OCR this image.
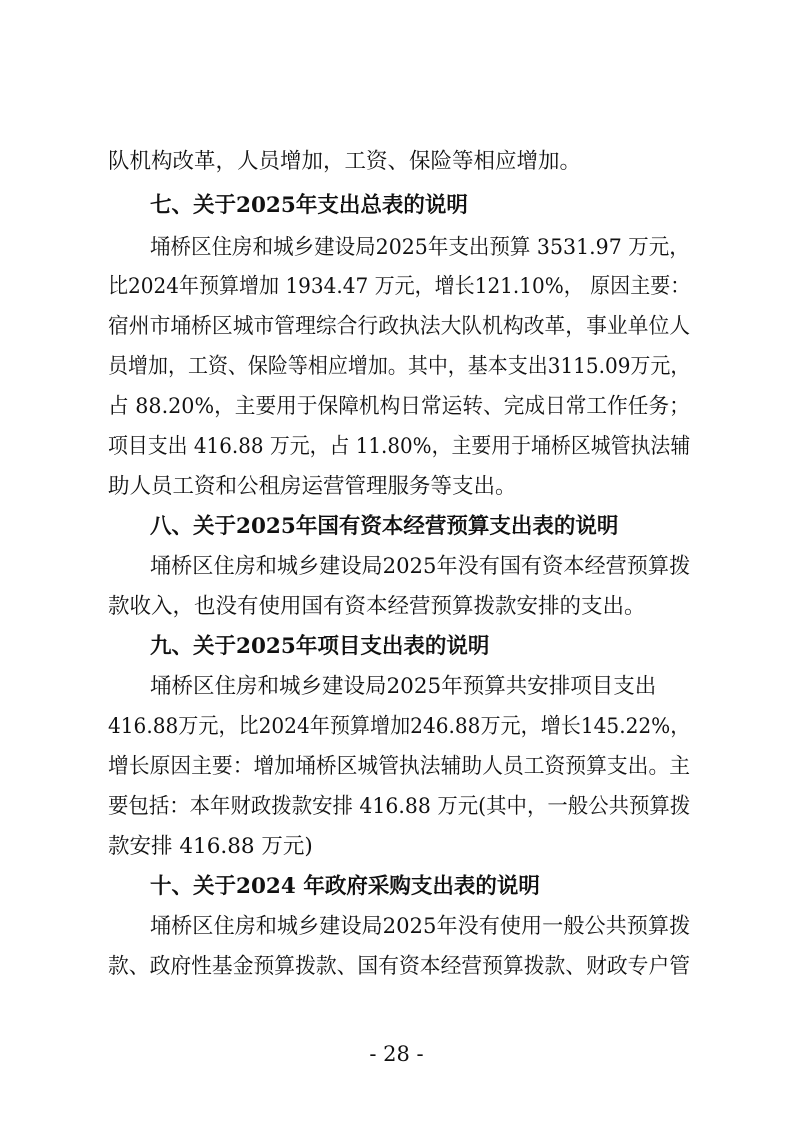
队机构改革，人员增加，工资、保险等相应增加。
七、关于2025年支出总表的说明
埇桥区住房和城乡建设局2025年支出预算 3531.97 万元，
比2024年预算增加 1934.47 万元，增长121.10%， 原因主要：
宿州市埇桥区城市管理综合行政执法大队机构改革，事业单位人
员增加，工资、保险等相应增加。其中，基本支出3115.09万元，
占 88.20%，主要用于保障机构日常运转、完成日常工作任务；
项目支出 416.88 万元，占 11.80%，主要用于埇桥区城管执法辅
助人员工资和公租房运营管理服务等支出。
八、关于2025年国有资本经营预算支出表的说明
埇桥区住房和城乡建设局2025年没有国有资本经营预算拨
款收入，也没有使用国有资本经营预算拨款安排的支出。
九、关于2025年项目支出表的说明
埇桥区住房和城乡建设局2025年预算共安排项目支出
416.88万元，比2024年预算增加246.88万元，增长145.22%，
增长原因主要：增加埇桥区城管执法辅助人员工资预算支出。主
要包括：本年财政拨款安排 416.88 万元(其中，一般公共预算拨
款安排 416.88 万元)
十、关于2024 年政府采购支出表的说明
埇桥区住房和城乡建设局2025年没有使用一般公共预算拨
款、政府性基金预算拨款、国有资本经营预算拨款、财政专户管
- 28 -
